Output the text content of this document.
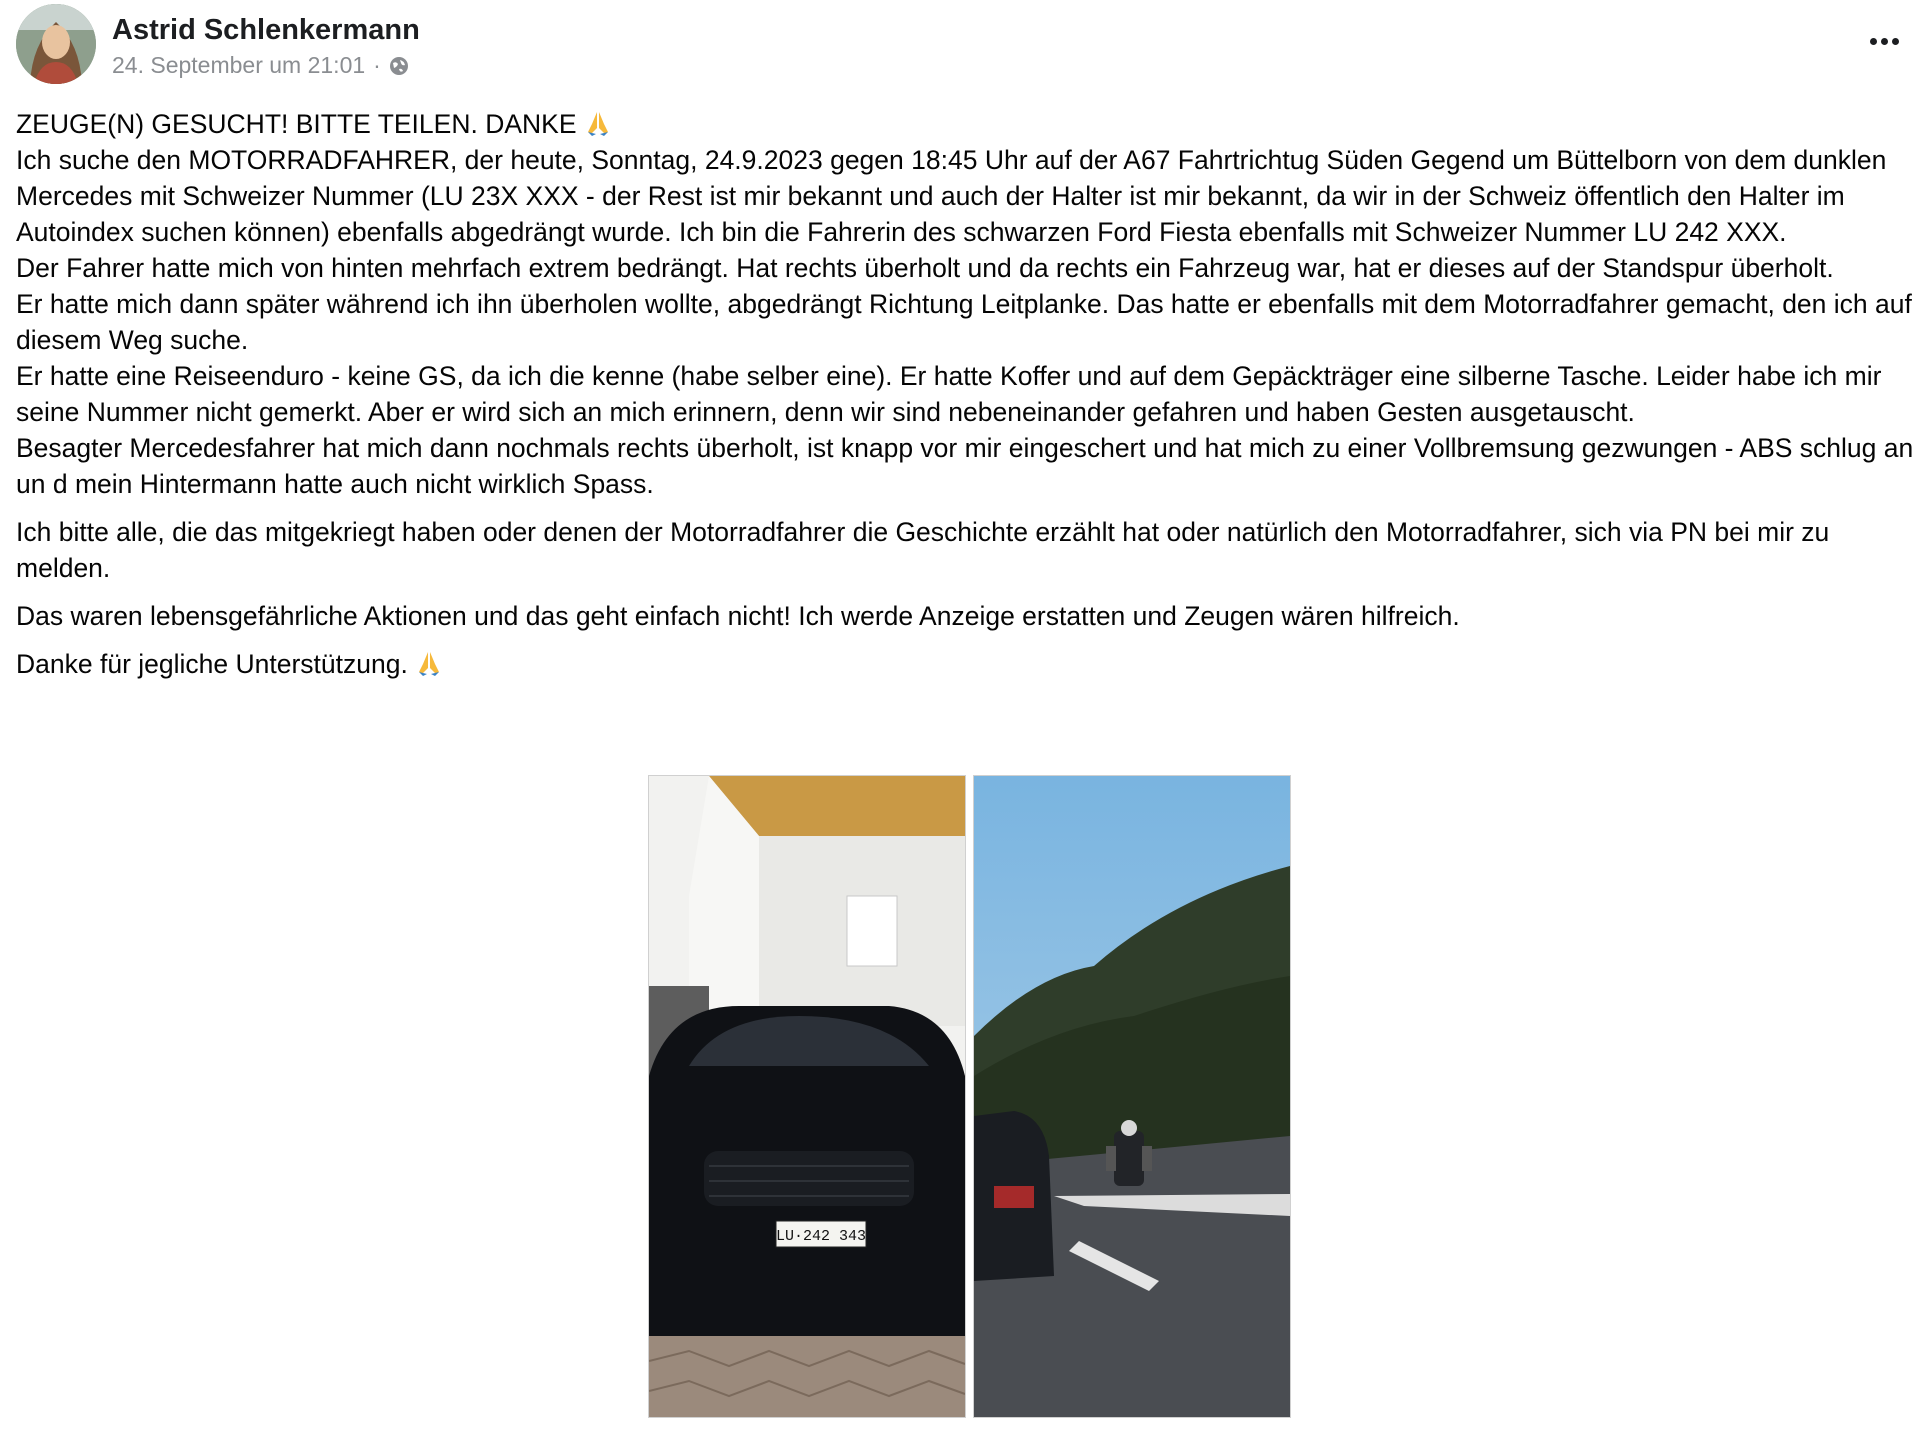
Astrid Schlenkermann
24. September um 21:01 ·

ZEUGE(N) GESUCHT! BITTE TEILEN. DANKE
Ich suche den MOTORRADFAHRER, der heute, Sonntag, 24.9.2023 gegen 18:45 Uhr auf der A67 Fahrtrichtug Süden Gegend um Büttelborn von dem dunklen Mercedes mit Schweizer Nummer (LU 23X XXX - der Rest ist mir bekannt und auch der Halter ist mir bekannt, da wir in der Schweiz öffentlich den Halter im Autoindex suchen können) ebenfalls abgedrängt wurde. Ich bin die Fahrerin des schwarzen Ford Fiesta ebenfalls mit Schweizer Nummer LU 242 XXX.
Der Fahrer hatte mich von hinten mehrfach extrem bedrängt. Hat rechts überholt und da rechts ein Fahrzeug war, hat er dieses auf der Standspur überholt.
Er hatte mich dann später während ich ihn überholen wollte, abgedrängt Richtung Leitplanke. Das hatte er ebenfalls mit dem Motorradfahrer gemacht, den ich auf diesem Weg suche.
Er hatte eine Reiseenduro - keine GS, da ich die kenne (habe selber eine). Er hatte Koffer und auf dem Gepäckträger eine silberne Tasche. Leider habe ich mir seine Nummer nicht gemerkt. Aber er wird sich an mich erinnern, denn wir sind nebeneinander gefahren und haben Gesten ausgetauscht.
Besagter Mercedesfahrer hat mich dann nochmals rechts überholt, ist knapp vor mir eingeschert und hat mich zu einer Vollbremsung gezwungen - ABS schlug an un d mein Hintermann hatte auch nicht wirklich Spass.

Ich bitte alle, die das mitgekriegt haben oder denen der Motorradfahrer die Geschichte erzählt hat oder natürlich den Motorradfahrer, sich via PN bei mir zu melden.

Das waren lebensgefährliche Aktionen und das geht einfach nicht! Ich werde Anzeige erstatten und Zeugen wären hilfreich.

Danke für jegliche Unterstützung.

LU·242 343
